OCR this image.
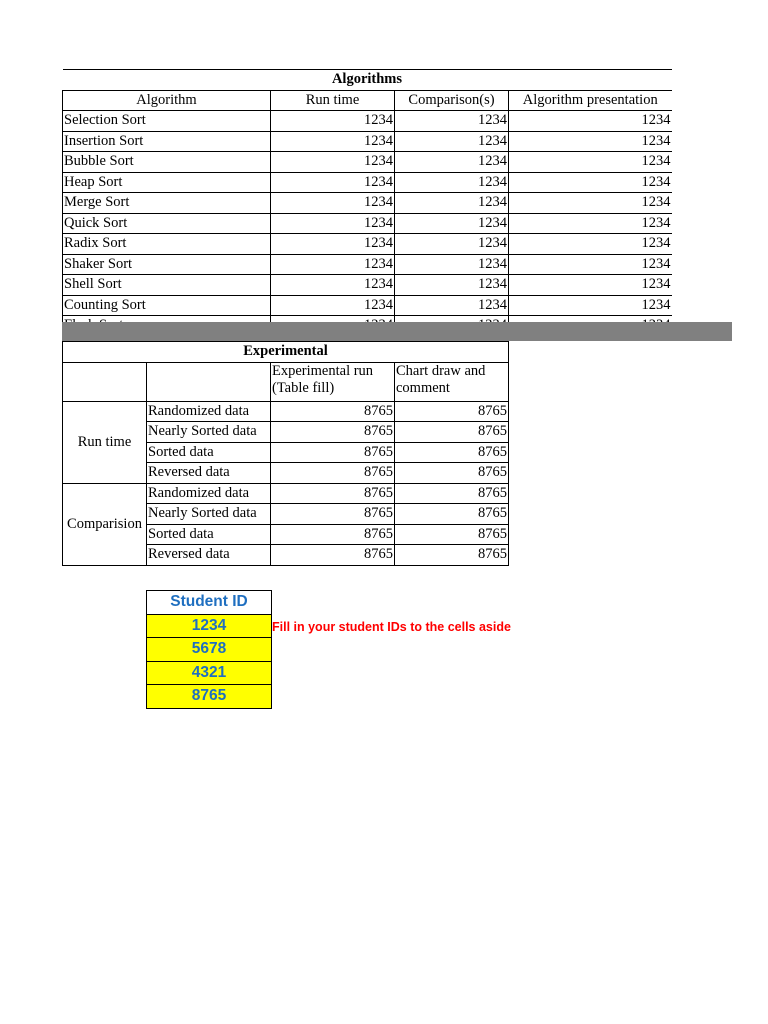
Algorithms			
Algorithm	Run time	Comparison(s)	Algorithm presentation
Selection Sort	1234	1234	1234
Insertion Sort	1234	1234	1234
Bubble Sort	1234	1234	1234
Heap Sort	1234	1234	1234
Merge Sort	1234	1234	1234
Quick Sort	1234	1234	1234
Radix Sort	1234	1234	1234
Shaker Sort	1234	1234	1234
Shell Sort	1234	1234	1234
Counting Sort	1234	1234	1234

Experimental			
		Experimental run (Table fill)	Chart draw and comment
Run time	Randomized data	8765	8765
	Nearly Sorted data	8765	8765
	Sorted data	8765	8765
	Reversed data	8765	8765
Comparision	Randomized data	8765	8765
	Nearly Sorted data	8765	8765
	Sorted data	8765	8765
	Reversed data	8765	8765
Student ID
1234
5678
4321
8765
Fill in your student IDs to the cells aside
